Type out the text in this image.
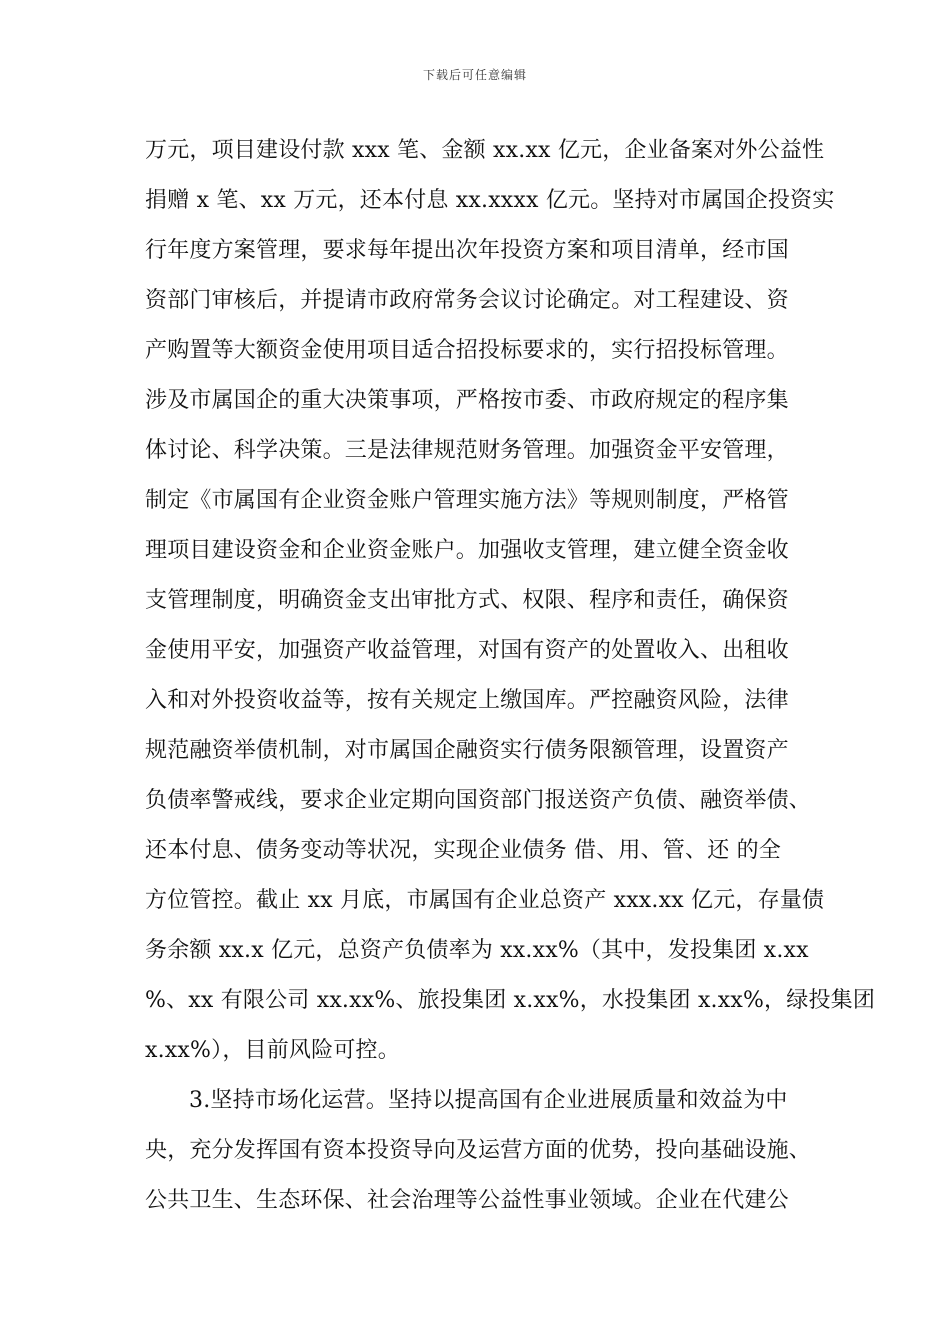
下载后可任意编辑
万元，项目建设付款 xxx 笔、金额 xx.xx 亿元，企业备案对外公益性
捐赠 x 笔、xx 万元，还本付息 xx.xxxx 亿元。坚持对市属国企投资实
行年度方案管理，要求每年提出次年投资方案和项目清单，经市国
资部门审核后，并提请市政府常务会议讨论确定。对工程建设、资
产购置等大额资金使用项目适合招投标要求的，实行招投标管理。
涉及市属国企的重大决策事项，严格按市委、市政府规定的程序集
体讨论、科学决策。三是法律规范财务管理。加强资金平安管理，
制定《市属国有企业资金账户管理实施方法》等规则制度，严格管
理项目建设资金和企业资金账户。加强收支管理，建立健全资金收
支管理制度，明确资金支出审批方式、权限、程序和责任，确保资
金使用平安，加强资产收益管理，对国有资产的处置收入、出租收
入和对外投资收益等，按有关规定上缴国库。严控融资风险，法律
规范融资举债机制，对市属国企融资实行债务限额管理，设置资产
负债率警戒线，要求企业定期向国资部门报送资产负债、融资举债、
还本付息、债务变动等状况，实现企业债务 借、用、管、还 的全
方位管控。截止 xx 月底，市属国有企业总资产 xxx.xx 亿元，存量债
务余额 xx.x 亿元，总资产负债率为 xx.xx%（其中，发投集团 x.xx
%、xx 有限公司 xx.xx%、旅投集团 x.xx%，水投集团 x.xx%，绿投集团
x.xx%），目前风险可控。
3.坚持市场化运营。坚持以提高国有企业进展质量和效益为中
央，充分发挥国有资本投资导向及运营方面的优势，投向基础设施、
公共卫生、生态环保、社会治理等公益性事业领域。企业在代建公
